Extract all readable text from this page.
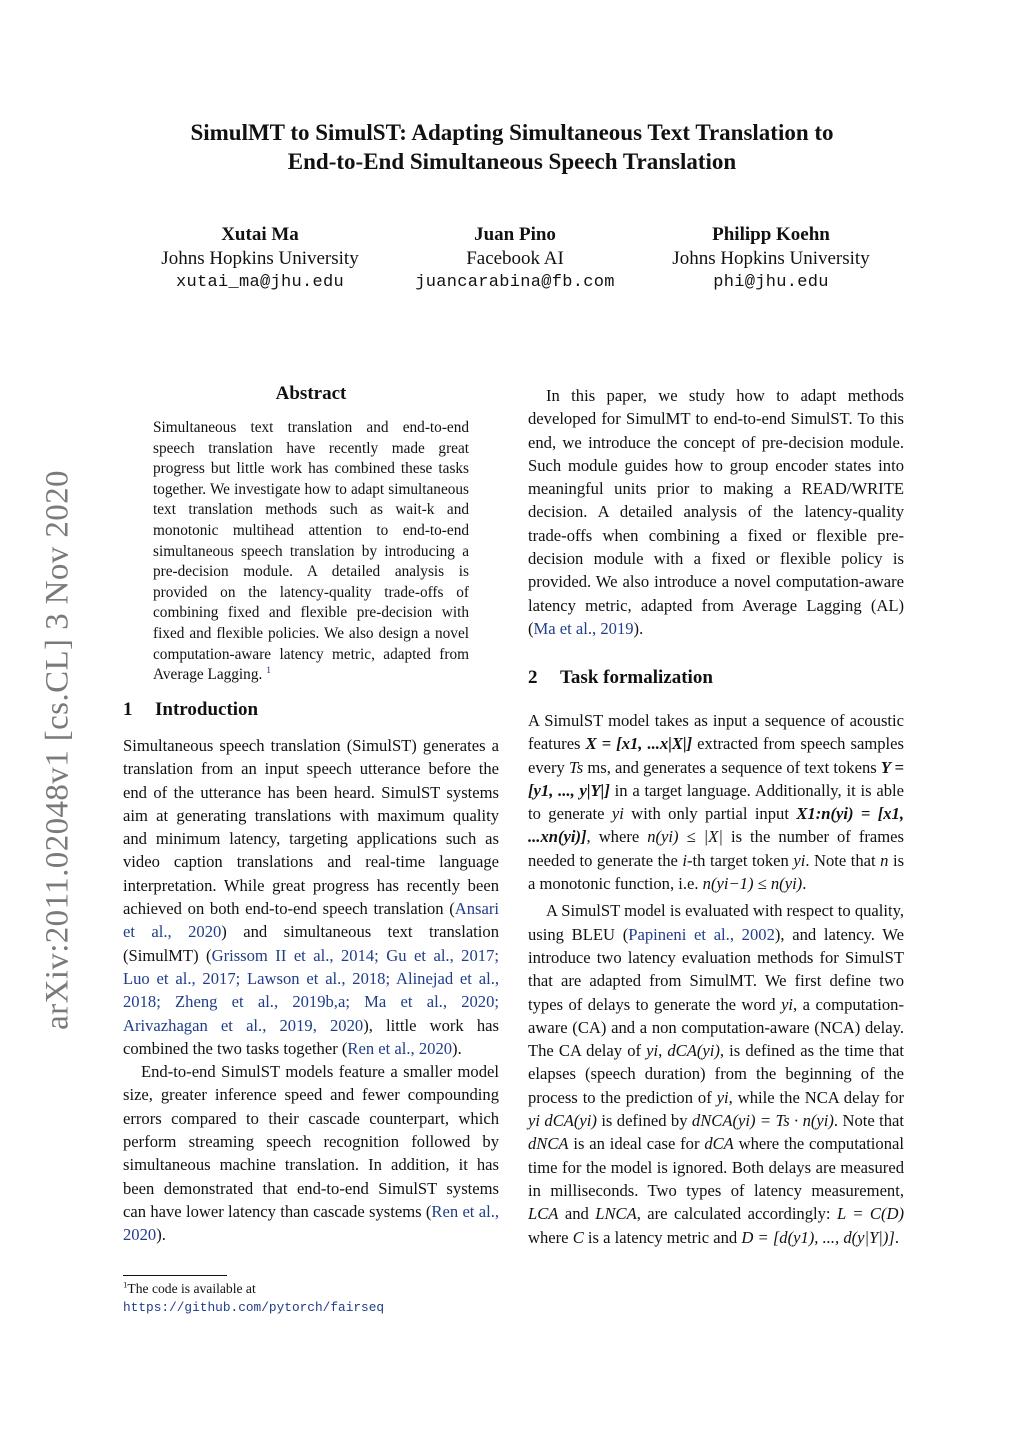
SimulMT to SimulST: Adapting Simultaneous Text Translation to
End-to-End Simultaneous Speech Translation
Xutai Ma
Johns Hopkins University
xutai_ma@jhu.edu
Juan Pino
Facebook AI
juancarabina@fb.com
Philipp Koehn
Johns Hopkins University
phi@jhu.edu
arXiv:2011.02048v1 [cs.CL] 3 Nov 2020
Abstract
Simultaneous text translation and end-to-end speech translation have recently made great progress but little work has combined these tasks together. We investigate how to adapt simultaneous text translation methods such as wait-k and monotonic multihead attention to end-to-end simultaneous speech translation by introducing a pre-decision module. A detailed analysis is provided on the latency-quality trade-offs of combining fixed and flexible pre-decision with fixed and flexible policies. We also design a novel computation-aware latency metric, adapted from Average Lagging. $^1$
1 Introduction

Simultaneous speech translation (SimulST) generates a translation from an input speech utterance before the end of the utterance has been heard. SimulST systems aim at generating translations with maximum quality and minimum latency, targeting applications such as video caption translations and real-time language interpretation. While great progress has recently been achieved on both end-to-end speech translation (Ansari et al., 2020) and simultaneous text translation (SimulMT) (Grissom II et al., 2014; Gu et al., 2017; Luo et al., 2017; Lawson et al., 2018; Alinejad et al., 2018; Zheng et al., 2019b,a; Ma et al., 2020; Arivazhagan et al., 2019, 2020), little work has combined the two tasks together (Ren et al., 2020).

End-to-end SimulST models feature a smaller model size, greater inference speed and fewer compounding errors compared to their cascade counterpart, which perform streaming speech recognition followed by simultaneous machine translation. In addition, it has been demonstrated that end-to-end SimulST systems can have lower latency than cascade systems (Ren et al., 2020).

$^1$The code is available at https://github.com/pytorch/fairseq

In this paper, we study how to adapt methods developed for SimulMT to end-to-end SimulST. To this end, we introduce the concept of pre-decision module. Such module guides how to group encoder states into meaningful units prior to making a READ/WRITE decision. A detailed analysis of the latency-quality trade-offs when combining a fixed or flexible pre-decision module with a fixed or flexible policy is provided. We also introduce a novel computation-aware latency metric, adapted from Average Lagging (AL) (Ma et al., 2019).

2 Task formalization

A SimulST model takes as input a sequence of acoustic features X = [x1, ...x|X|] extracted from speech samples every Ts ms, and generates a sequence of text tokens Y = [y1, ..., y|Y|] in a target language. Additionally, it is able to generate yi with only partial input X1:n(yi) = [x1, ...xn(yi)], where n(yi) ≤ |X| is the number of frames needed to generate the i-th target token yi. Note that n is a monotonic function, i.e. n(yi−1) ≤ n(yi).

A SimulST model is evaluated with respect to quality, using BLEU (Papineni et al., 2002), and latency. We introduce two latency evaluation methods for SimulST that are adapted from SimulMT. We first define two types of delays to generate the word yi, a computation-aware (CA) and a non computation-aware (NCA) delay. The CA delay of yi, dCA(yi), is defined as the time that elapses (speech duration) from the beginning of the process to the prediction of yi, while the NCA delay for yi dCA(yi) is defined by dNCA(yi) = Ts · n(yi). Note that dNCA is an ideal case for dCA where the computational time for the model is ignored. Both delays are measured in milliseconds. Two types of latency measurement, LCA and LNCA, are calculated accordingly: L = C(D) where C is a latency metric and D = [d(y1), ..., d(y|Y|)].
